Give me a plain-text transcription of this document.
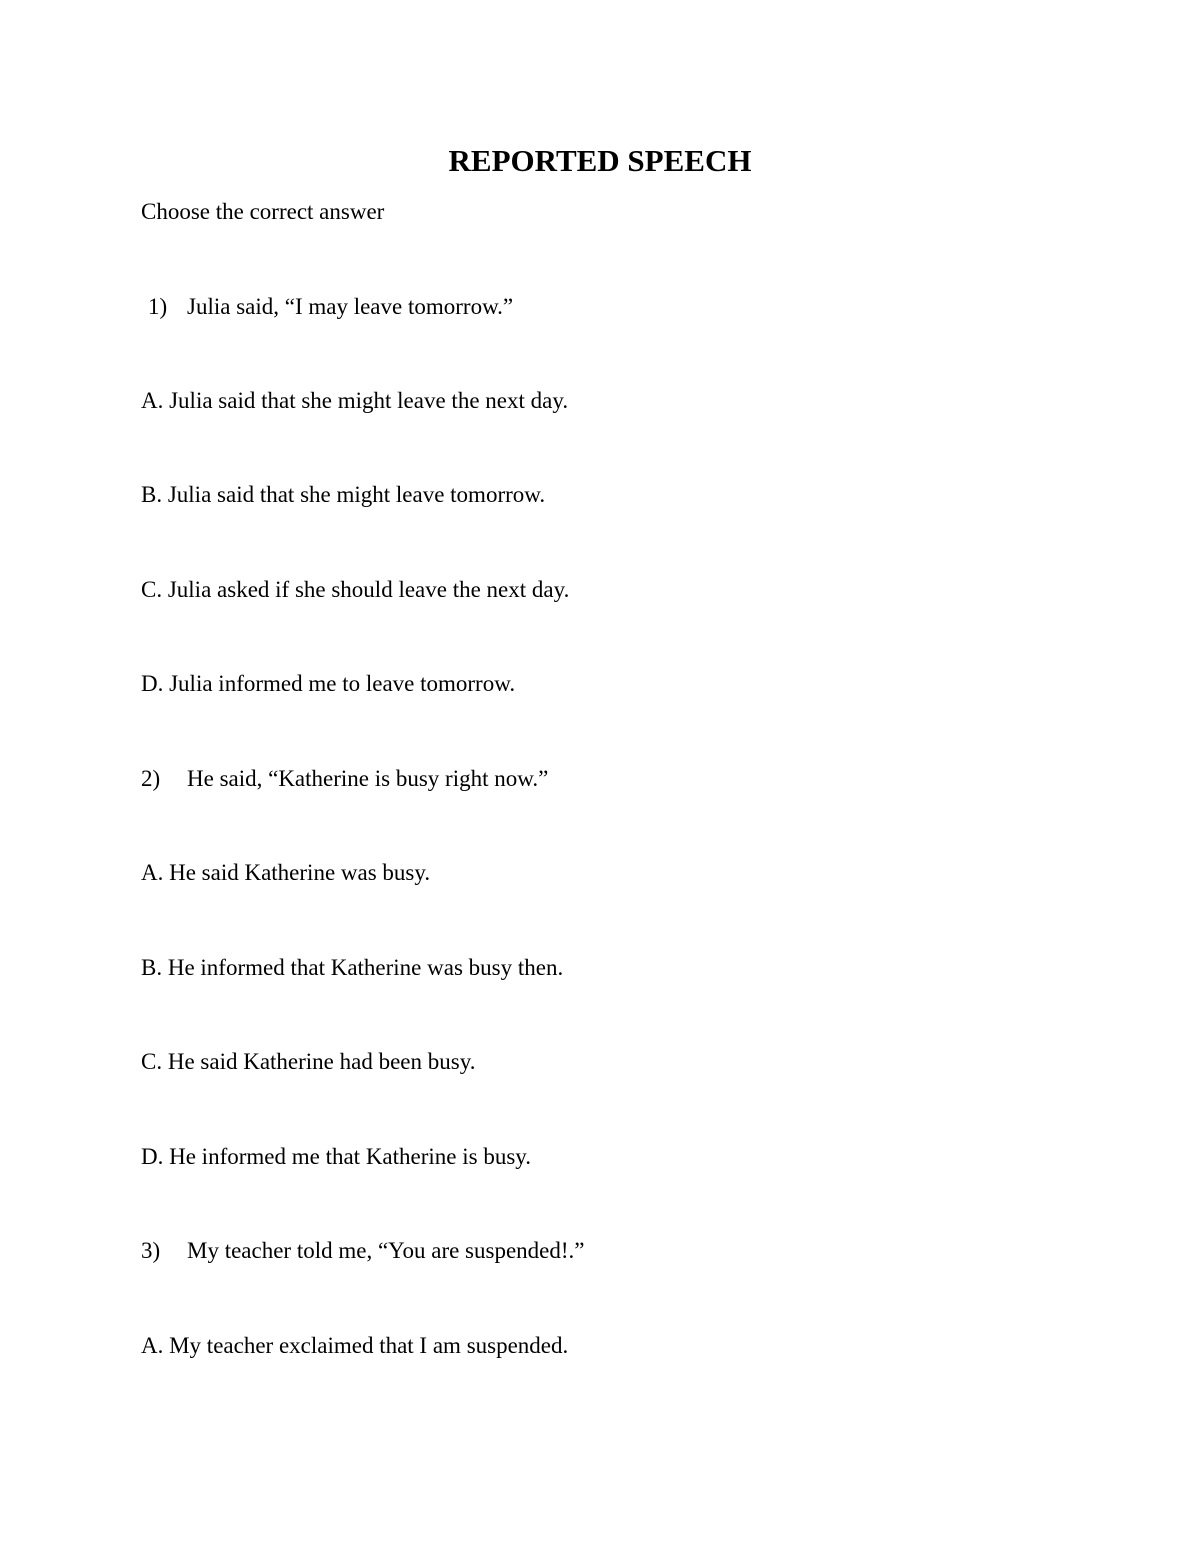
REPORTED SPEECH

Choose the correct answer

1) Julia said, “I may leave tomorrow.”

A. Julia said that she might leave the next day.

B. Julia said that she might leave tomorrow.

C. Julia asked if she should leave the next day.

D. Julia informed me to leave tomorrow.

2) He said, “Katherine is busy right now.”

A. He said Katherine was busy.

B. He informed that Katherine was busy then.

C. He said Katherine had been busy.

D. He informed me that Katherine is busy.

3) My teacher told me, “You are suspended!.”

A. My teacher exclaimed that I am suspended.
